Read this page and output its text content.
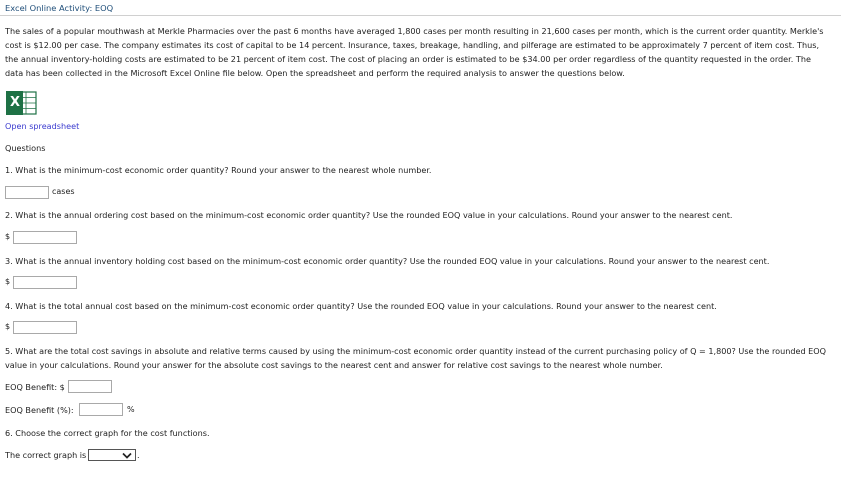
Excel Online Activity: EOQ
The sales of a popular mouthwash at Merkle Pharmacies over the past 6 months have averaged 1,800 cases per month resulting in 21,600 cases per month, which is the current order quantity. Merkle's cost is $12.00 per case. The company estimates its cost of capital to be 14 percent. Insurance, taxes, breakage, handling, and pilferage are estimated to be approximately 7 percent of item cost. Thus, the annual inventory-holding costs are estimated to be 21 percent of item cost. The cost of placing an order is estimated to be $34.00 per order regardless of the quantity requested in the order. The data has been collected in the Microsoft Excel Online file below. Open the spreadsheet and perform the required analysis to answer the questions below.
X
Open spreadsheet
Questions
1. What is the minimum-cost economic order quantity? Round your answer to the nearest whole number.
cases
2. What is the annual ordering cost based on the minimum-cost economic order quantity? Use the rounded EOQ value in your calculations. Round your answer to the nearest cent.
$
3. What is the annual inventory holding cost based on the minimum-cost economic order quantity? Use the rounded EOQ value in your calculations. Round your answer to the nearest cent.
$
4. What is the total annual cost based on the minimum-cost economic order quantity? Use the rounded EOQ value in your calculations. Round your answer to the nearest cent.
$
5. What are the total cost savings in absolute and relative terms caused by using the minimum-cost economic order quantity instead of the current purchasing policy of Q = 1,800? Use the rounded EOQ value in your calculations. Round your answer for the absolute cost savings to the nearest cent and answer for relative cost savings to the nearest whole number.
EOQ Benefit: $
EOQ Benefit (%):	%
6. Choose the correct graph for the cost functions.
The correct graph is	.
